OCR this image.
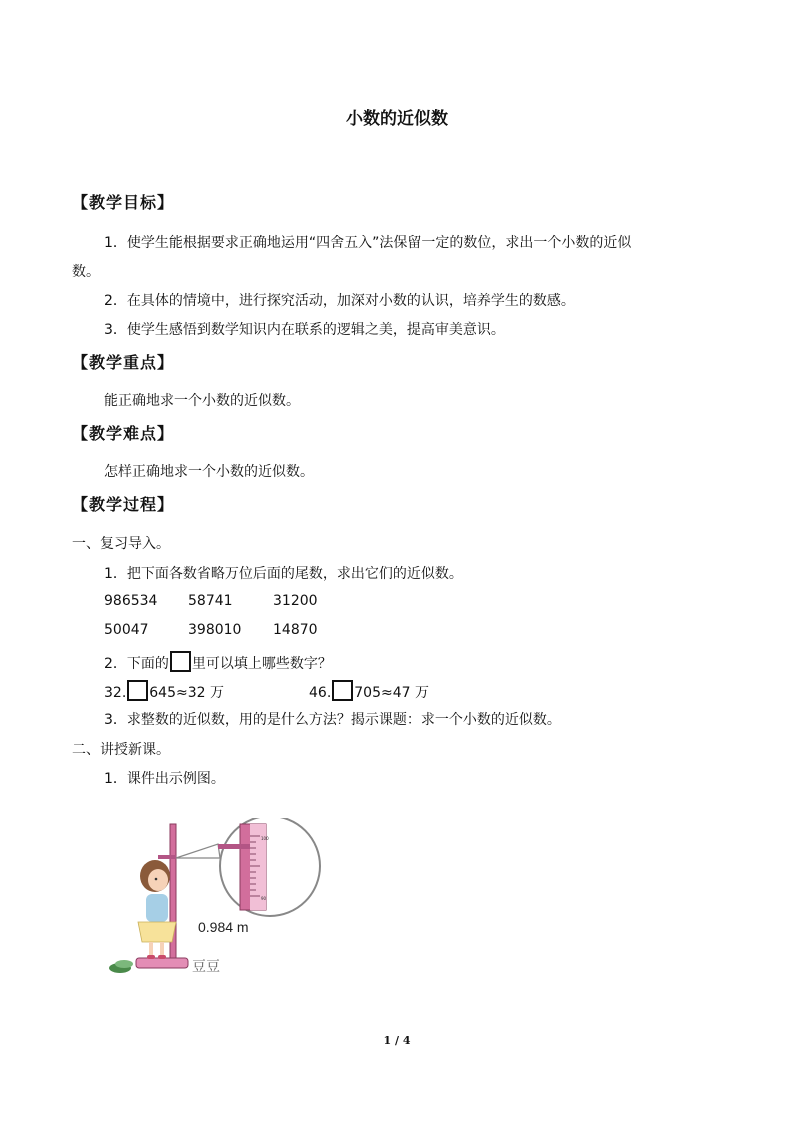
小数的近似数
【教学目标】
1．使学生能根据要求正确地运用“四舍五入”法保留一定的数位，求出一个小数的近似
数。
2．在具体的情境中，进行探究活动，加深对小数的认识，培养学生的数感。
3．使学生感悟到数学知识内在联系的逻辑之美，提高审美意识。
【教学重点】
能正确地求一个小数的近似数。
【教学难点】
怎样正确地求一个小数的近似数。
【教学过程】
一、复习导入。
1．把下面各数省略万位后面的尾数，求出它们的近似数。
986534	58741	31200
50047	398010	14870
2．下面的 里可以填上哪些数字？
32. 645≈32 万	46. 705≈47 万
3．求整数的近似数，用的是什么方法？揭示课题：求一个小数的近似数。
二、讲授新课。
1．课件出示例图。
100
90
0.984 m
豆豆
1 / 4
